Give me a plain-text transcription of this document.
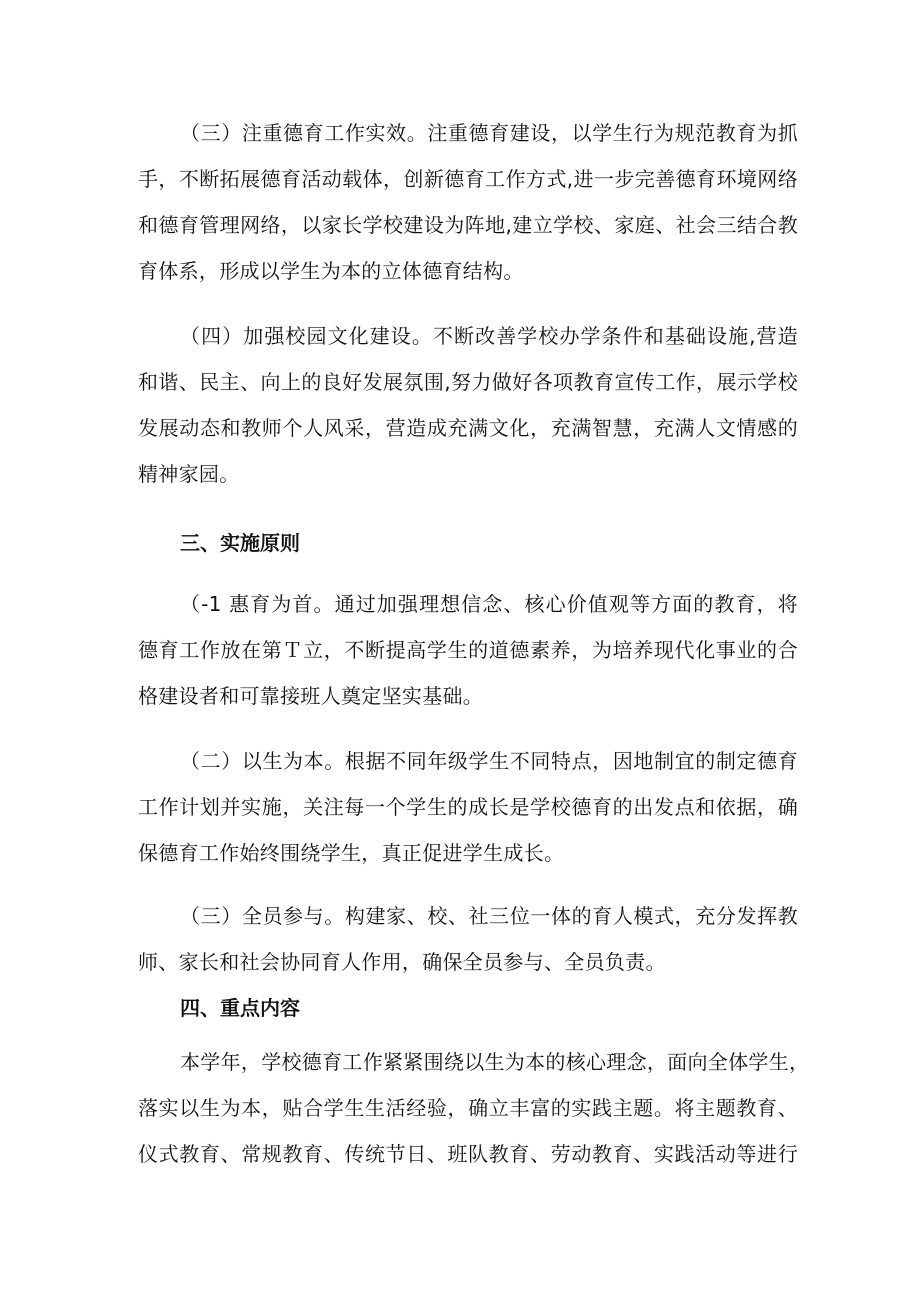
（三）注重德育工作实效。注重德育建设，以学生行为规范教育为抓
手，不断拓展德育活动载体，创新德育工作方式,进一步完善德育环境网络
和德育管理网络，以家长学校建设为阵地,建立学校、家庭、社会三结合教
育体系，形成以学生为本的立体德育结构。
（四）加强校园文化建设。不断改善学校办学条件和基础设施,营造
和谐、民主、向上的良好发展氛围,努力做好各项教育宣传工作，展示学校
发展动态和教师个人风采，营造成充满文化，充满智慧，充满人文情感的
精神家园。
三、实施原则
（-1 惠育为首。通过加强理想信念、核心价值观等方面的教育，将
德育工作放在第Ｔ立，不断提高学生的道德素养，为培养现代化事业的合
格建设者和可靠接班人奠定坚实基础。
（二）以生为本。根据不同年级学生不同特点，因地制宜的制定德育
工作计划并实施，关注每一个学生的成长是学校德育的出发点和依据，确
保德育工作始终围绕学生，真正促进学生成长。
（三）全员参与。构建家、校、社三位一体的育人模式，充分发挥教
师、家长和社会协同育人作用，确保全员参与、全员负责。
四、重点内容
本学年，学校德育工作紧紧围绕以生为本的核心理念，面向全体学生，
落实以生为本，贴合学生生活经验，确立丰富的实践主题。将主题教育、
仪式教育、常规教育、传统节日、班队教育、劳动教育、实践活动等进行
